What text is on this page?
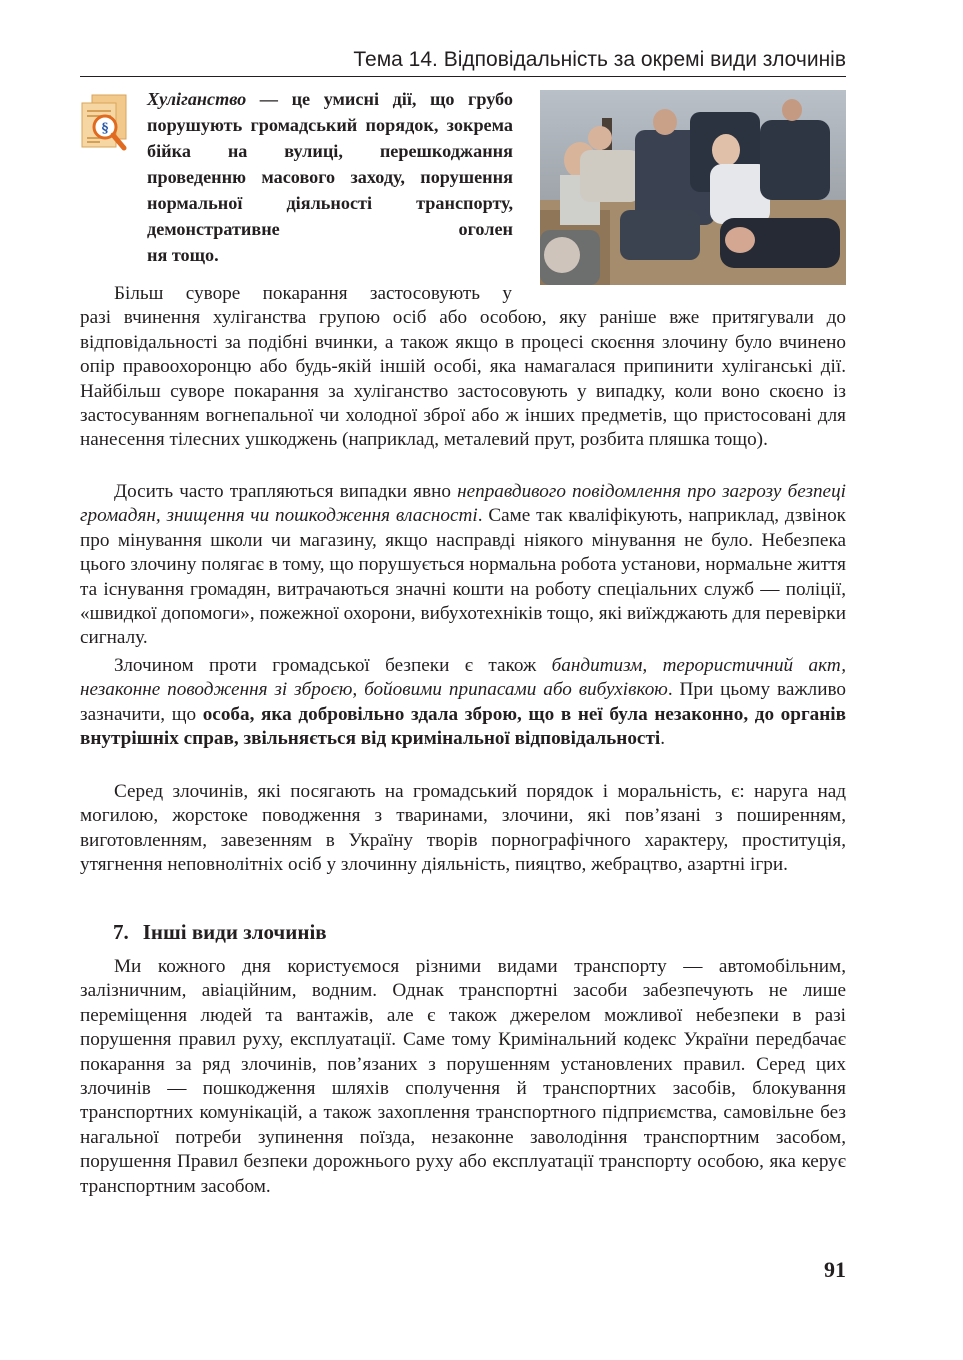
Тема 14. Відповідальність за окремі види злочинів
§

Хуліганство — це умисні дії, що грубо порушують громадський порядок, зокрема бійка на вулиці, перешкоджання проведенню масового заходу, порушення нормальної діяльності транспорту, демонстративне оголен
ня тощо.

Більш суворе покарання застосовують у
разі вчинення хуліганства групою осіб або особою, яку раніше вже притягували до відповідальності за подібні вчинки, а також якщо в процесі скоєння злочину було вчинено опір правоохоронцю або будь-якій іншій особі, яка намагалася припинити хуліганські дії. Найбільш суворе покарання за хуліганство застосовують у випадку, коли воно скоєно із застосуванням вогнепальної чи холодної зброї або ж інших предметів, що пристосовані для нанесення тілесних ушкоджень (наприклад, металевий прут, розбита пляшка тощо).

Досить часто трапляються випадки явно неправдивого повідомлення про загрозу безпеці громадян, знищення чи пошкодження власності. Саме так кваліфікують, наприклад, дзвінок про мінування школи чи магазину, якщо насправді ніякого мінування не було. Небезпека цього злочину полягає в тому, що порушується нормальна робота установи, нормальне життя та існування громадян, витрачаються значні кошти на роботу спеціальних служб — поліції, «швидкої допомоги», пожежної охорони, вибухотехніків тощо, які виїжджають для перевірки сигналу.

Злочином проти громадської безпеки є також бандитизм, терористичний акт, незаконне поводження зі зброєю, бойовими припасами або вибухівкою. При цьому важливо зазначити, що особа, яка добровільно здала зброю, що в неї була незаконно, до органів внутрішніх справ, звільняється від кримінальної відповідальності.

Серед злочинів, які посягають на громадський порядок і моральність, є: наруга над могилою, жорстоке поводження з тваринами, злочини, які пов’язані з поширенням, виготовленням, завезенням в Україну творів порнографічного характеру, проституція, утягнення неповнолітніх осіб у злочинну діяльність, пияцтво, жебрацтво, азартні ігри.

7. Інші види злочинів

Ми кожного дня користуємося різними видами транспорту — автомобільним, залізничним, авіаційним, водним. Однак транспортні засоби забезпечують не лише переміщення людей та вантажів, але є також джерелом можливої небезпеки в разі порушення правил руху, експлуатації. Саме тому Кримінальний кодекс України передбачає покарання за ряд злочинів, пов’язаних з порушенням установлених правил. Серед цих злочинів — пошкодження шляхів сполучення й транспортних засобів, блокування транспортних комунікацій, а також захоплення транспортного підприємства, самовільне без нагальної потреби зупинення поїзда, незаконне заволодіння транспортним засобом, порушення Правил безпеки дорожнього руху або експлуатації транспорту особою, яка керує транспортним засобом.

91
